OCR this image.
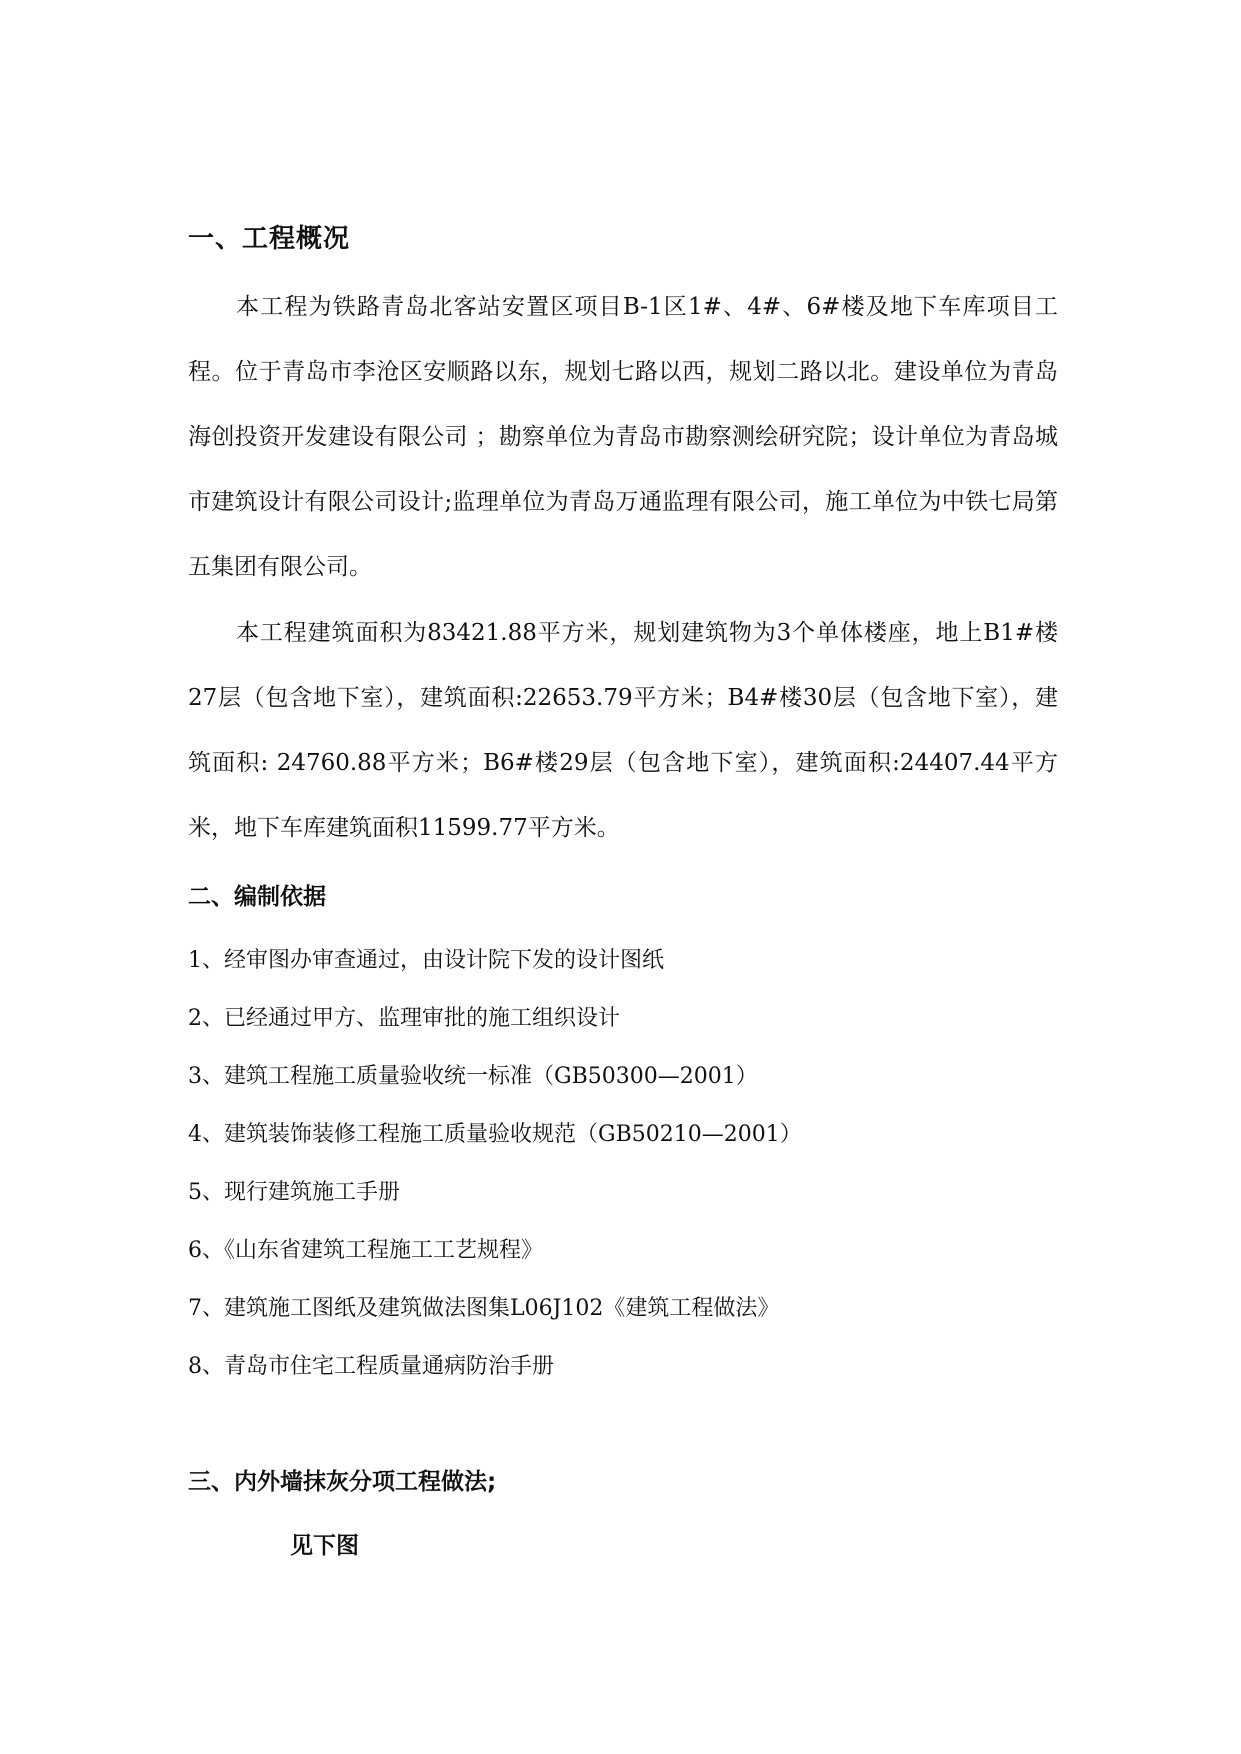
一、工程概况

本工程为铁路青岛北客站安置区项目B-1区1#、4#、6#楼及地下车库项目工程。位于青岛市李沧区安顺路以东，规划七路以西，规划二路以北。建设单位为青岛海创投资开发建设有限公司 ；勘察单位为青岛市勘察测绘研究院；设计单位为青岛城市建筑设计有限公司设计;监理单位为青岛万通监理有限公司，施工单位为中铁七局第五集团有限公司。

本工程建筑面积为83421.88平方米，规划建筑物为3个单体楼座，地上B1#楼27层（包含地下室），建筑面积:22653.79平方米；B4#楼30层（包含地下室），建筑面积: 24760.88平方米；B6#楼29层（包含地下室），建筑面积:24407.44平方米，地下车库建筑面积11599.77平方米。

二、编制依据
1、经审图办审查通过，由设计院下发的设计图纸
2、已经通过甲方、监理审批的施工组织设计
3、建筑工程施工质量验收统一标准（GB50300—2001）
4、建筑装饰装修工程施工质量验收规范（GB50210—2001）
5、现行建筑施工手册
6、《山东省建筑工程施工工艺规程》
7、建筑施工图纸及建筑做法图集L06J102《建筑工程做法》
8、青岛市住宅工程质量通病防治手册
三、内外墙抹灰分项工程做法;
见下图
